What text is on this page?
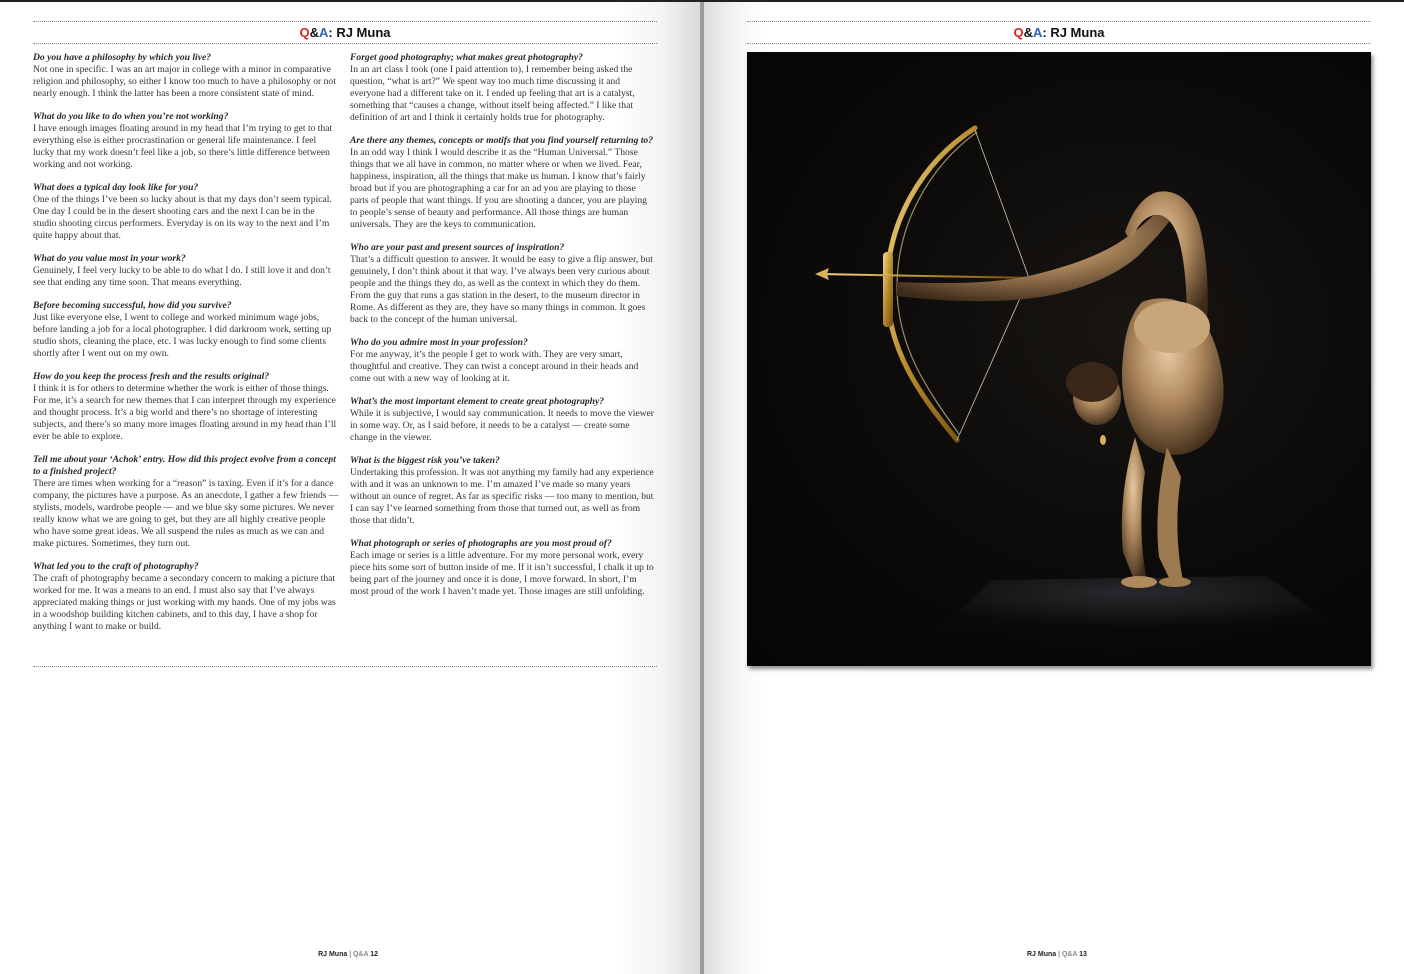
Q&A: RJ Muna
Do you have a philosophy by which you live?

Not one in specific. I was an art major in college with a minor in comparative religion and philosophy, so either I know too much to have a philosophy or not nearly enough. I think the latter has been a more consistent state of mind.

What do you like to do when you’re not working?

I have enough images floating around in my head that I’m trying to get to that everything else is either procrastination or general life maintenance. I feel lucky that my work doesn’t feel like a job, so there’s little difference between working and not working.

What does a typical day look like for you?

One of the things I’ve been so lucky about is that my days don’t seem typical. One day I could be in the desert shooting cars and the next I can be in the studio shooting circus performers. Everyday is on its way to the next and I’m quite happy about that.

What do you value most in your work?

Genuinely, I feel very lucky to be able to do what I do. I still love it and don’t see that ending any time soon. That means everything.

Before becoming successful, how did you survive?

Just like everyone else, I went to college and worked minimum wage jobs, before landing a job for a local photographer. I did darkroom work, setting up studio shots, cleaning the place, etc. I was lucky enough to find some clients shortly after I went out on my own.

How do you keep the process fresh and the results original?

I think it is for others to determine whether the work is either of those things. For me, it’s a search for new themes that I can interpret through my experience and thought process. It’s a big world and there’s no shortage of interesting subjects, and there’s so many more images floating around in my head than I’ll ever be able to explore.

Tell me about your ‘Achok’ entry. How did this project evolve from a concept to a finished project?

There are times when working for a “reason” is taxing. Even if it’s for a dance company, the pictures have a purpose. As an anecdote, I gather a few friends — stylists, models, wardrobe people — and we blue sky some pictures. We never really know what we are going to get, but they are all highly creative people who have some great ideas. We all suspend the rules as much as we can and make pictures. Sometimes, they turn out.

What led you to the craft of photography?

The craft of photography became a secondary concern to making a picture that worked for me. It was a means to an end. I must also say that I’ve always appreciated making things or just working with my hands. One of my jobs was in a woodshop building kitchen cabinets, and to this day, I have a shop for anything I want to make or build.

Forget good photography; what makes great photography?

In an art class I took (one I paid attention to), I remember being asked the question, “what is art?” We spent way too much time discussing it and everyone had a different take on it. I ended up feeling that art is a catalyst, something that “causes a change, without itself being affected.” I like that definition of art and I think it certainly holds true for photography.

Are there any themes, concepts or motifs that you find yourself returning to?

In an odd way I think I would describe it as the “Human Universal.” Those things that we all have in common, no matter where or when we lived. Fear, happiness, inspiration, all the things that make us human. I know that’s fairly broad but if you are photographing a car for an ad you are playing to those parts of people that want things. If you are shooting a dancer, you are playing to people’s sense of beauty and performance. All those things are human universals. They are the keys to communication.

Who are your past and present sources of inspiration?

That’s a difficult question to answer. It would be easy to give a flip answer, but genuinely, I don’t think about it that way. I’ve always been very curious about people and the things they do, as well as the context in which they do them. From the guy that runs a gas station in the desert, to the museum director in Rome. As different as they are, they have so many things in common. It goes back to the concept of the human universal.

Who do you admire most in your profession?

For me anyway, it’s the people I get to work with. They are very smart, thoughtful and creative. They can twist a concept around in their heads and come out with a new way of looking at it.

What’s the most important element to create great photography?

While it is subjective, I would say communication. It needs to move the viewer in some way. Or, as I said before, it needs to be a catalyst — create some change in the viewer.

What is the biggest risk you’ve taken?

Undertaking this profession. It was not anything my family had any experience with and it was an unknown to me. I’m amazed I’ve made so many years without an ounce of regret. As far as specific risks — too many to mention, but I can say I’ve learned something from those that turned out, as well as from those that didn’t.

What photograph or series of photographs are you most proud of?

Each image or series is a little adventure. For my more personal work, every piece hits some sort of button inside of me. If it isn’t successful, I chalk it up to being part of the journey and once it is done, I move forward. In short, I’m most proud of the work I haven’t made yet. Those images are still unfolding.

RJ Muna | Q&A 12
Q&A: RJ Muna
RJ Muna | Q&A 13
